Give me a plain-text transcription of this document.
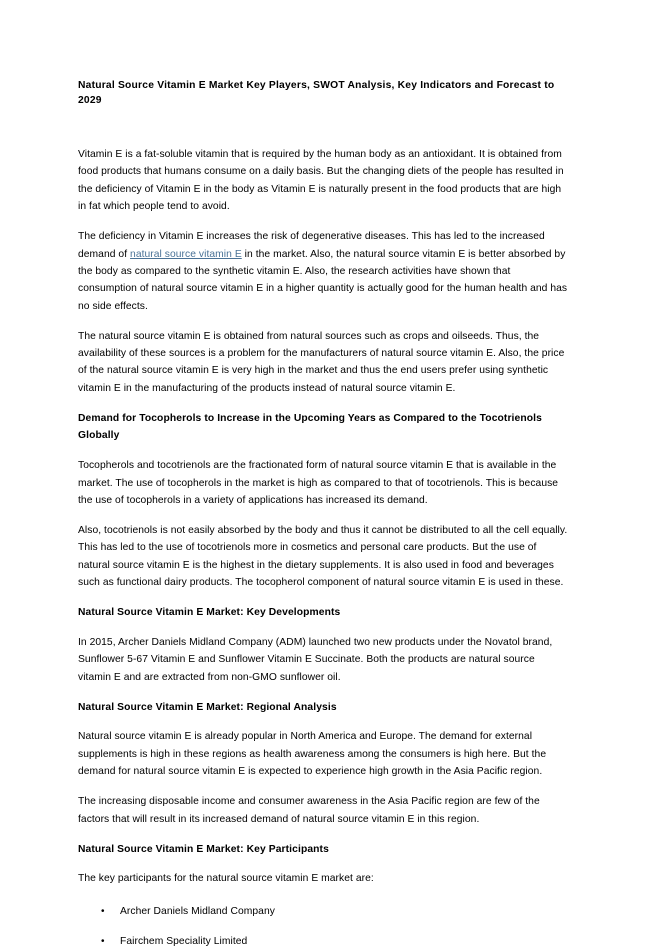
Natural Source Vitamin E Market Key Players, SWOT Analysis, Key Indicators and Forecast to 2029

Vitamin E is a fat-soluble vitamin that is required by the human body as an antioxidant. It is obtained from food products that humans consume on a daily basis. But the changing diets of the people has resulted in the deficiency of Vitamin E in the body as Vitamin E is naturally present in the food products that are high in fat which people tend to avoid.

The deficiency in Vitamin E increases the risk of degenerative diseases. This has led to the increased demand of natural source vitamin E in the market. Also, the natural source vitamin E is better absorbed by the body as compared to the synthetic vitamin E. Also, the research activities have shown that consumption of natural source vitamin E in a higher quantity is actually good for the human health and has no side effects.

The natural source vitamin E is obtained from natural sources such as crops and oilseeds. Thus, the availability of these sources is a problem for the manufacturers of natural source vitamin E. Also, the price of the natural source vitamin E is very high in the market and thus the end users prefer using synthetic vitamin E in the manufacturing of the products instead of natural source vitamin E.

Demand for Tocopherols to Increase in the Upcoming Years as Compared to the Tocotrienols Globally

Tocopherols and tocotrienols are the fractionated form of natural source vitamin E that is available in the market. The use of tocopherols in the market is high as compared to that of tocotrienols. This is because the use of tocopherols in a variety of applications has increased its demand.

Also, tocotrienols is not easily absorbed by the body and thus it cannot be distributed to all the cell equally. This has led to the use of tocotrienols more in cosmetics and personal care products. But the use of natural source vitamin E is the highest in the dietary supplements. It is also used in food and beverages such as functional dairy products. The tocopherol component of natural source vitamin E is used in these.

Natural Source Vitamin E Market: Key Developments

In 2015, Archer Daniels Midland Company (ADM) launched two new products under the Novatol brand, Sunflower 5-67 Vitamin E and Sunflower Vitamin E Succinate. Both the products are natural source vitamin E and are extracted from non-GMO sunflower oil.

Natural Source Vitamin E Market: Regional Analysis

Natural source vitamin E is already popular in North America and Europe. The demand for external supplements is high in these regions as health awareness among the consumers is high here. But the demand for natural source vitamin E is expected to experience high growth in the Asia Pacific region.

The increasing disposable income and consumer awareness in the Asia Pacific region are few of the factors that will result in its increased demand of natural source vitamin E in this region.

Natural Source Vitamin E Market: Key Participants

The key participants for the natural source vitamin E market are:

• Archer Daniels Midland Company
• Fairchem Speciality Limited
